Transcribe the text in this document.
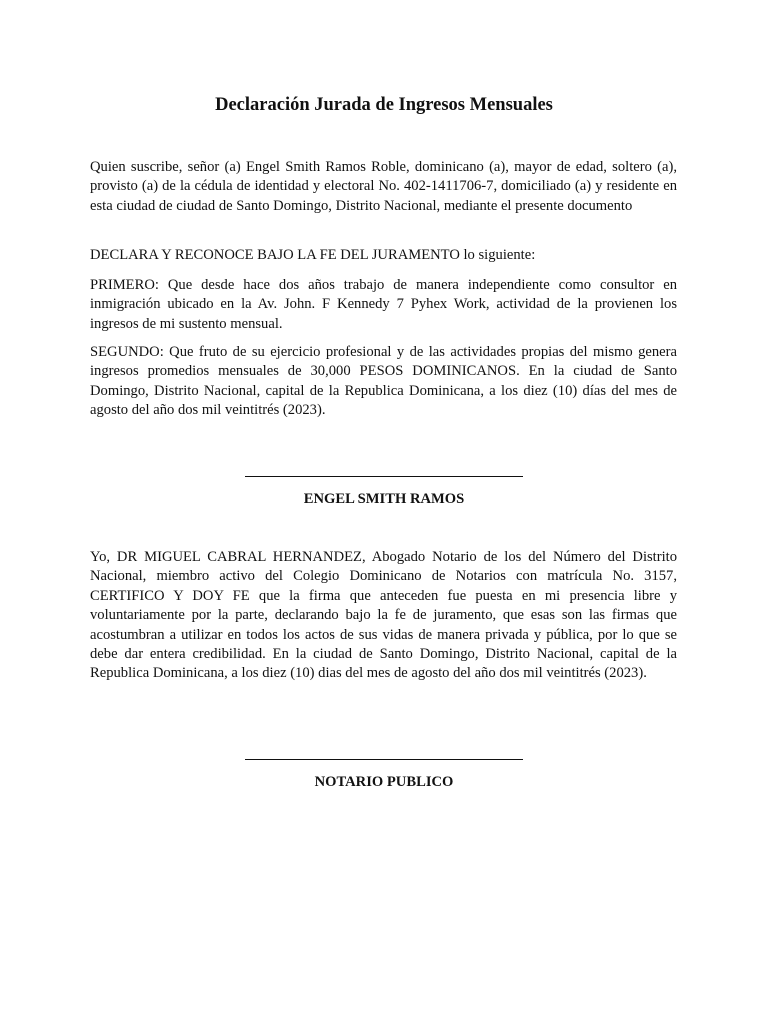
Declaración Jurada de Ingresos Mensuales

Quien suscribe, señor (a) Engel Smith Ramos Roble, dominicano (a), mayor de edad, soltero (a), provisto (a) de la cédula de identidad y electoral No. 402-1411706-7, domiciliado (a) y residente en esta ciudad de ciudad de Santo Domingo, Distrito Nacional, mediante el presente documento

DECLARA Y RECONOCE BAJO LA FE DEL JURAMENTO lo siguiente:

PRIMERO: Que desde hace dos años trabajo de manera independiente como consultor en inmigración ubicado en la Av. John. F Kennedy 7 Pyhex Work, actividad de la provienen los ingresos de mi sustento mensual.

SEGUNDO: Que fruto de su ejercicio profesional y de las actividades propias del mismo genera ingresos promedios mensuales de 30,000 PESOS DOMINICANOS. En la ciudad de Santo Domingo, Distrito Nacional, capital de la Republica Dominicana, a los diez (10) días del mes de agosto del año dos mil veintitrés (2023).

ENGEL SMITH RAMOS

Yo, DR MIGUEL CABRAL HERNANDEZ, Abogado Notario de los del Número del Distrito Nacional, miembro activo del Colegio Dominicano de Notarios con matrícula No. 3157, CERTIFICO Y DOY FE que la firma que anteceden fue puesta en mi presencia libre y voluntariamente por la parte, declarando bajo la fe de juramento, que esas son las firmas que acostumbran a utilizar en todos los actos de sus vidas de manera privada y pública, por lo que se debe dar entera credibilidad. En la ciudad de Santo Domingo, Distrito Nacional, capital de la Republica Dominicana, a los diez (10) dias del mes de agosto del año dos mil veintitrés (2023).

NOTARIO PUBLICO
